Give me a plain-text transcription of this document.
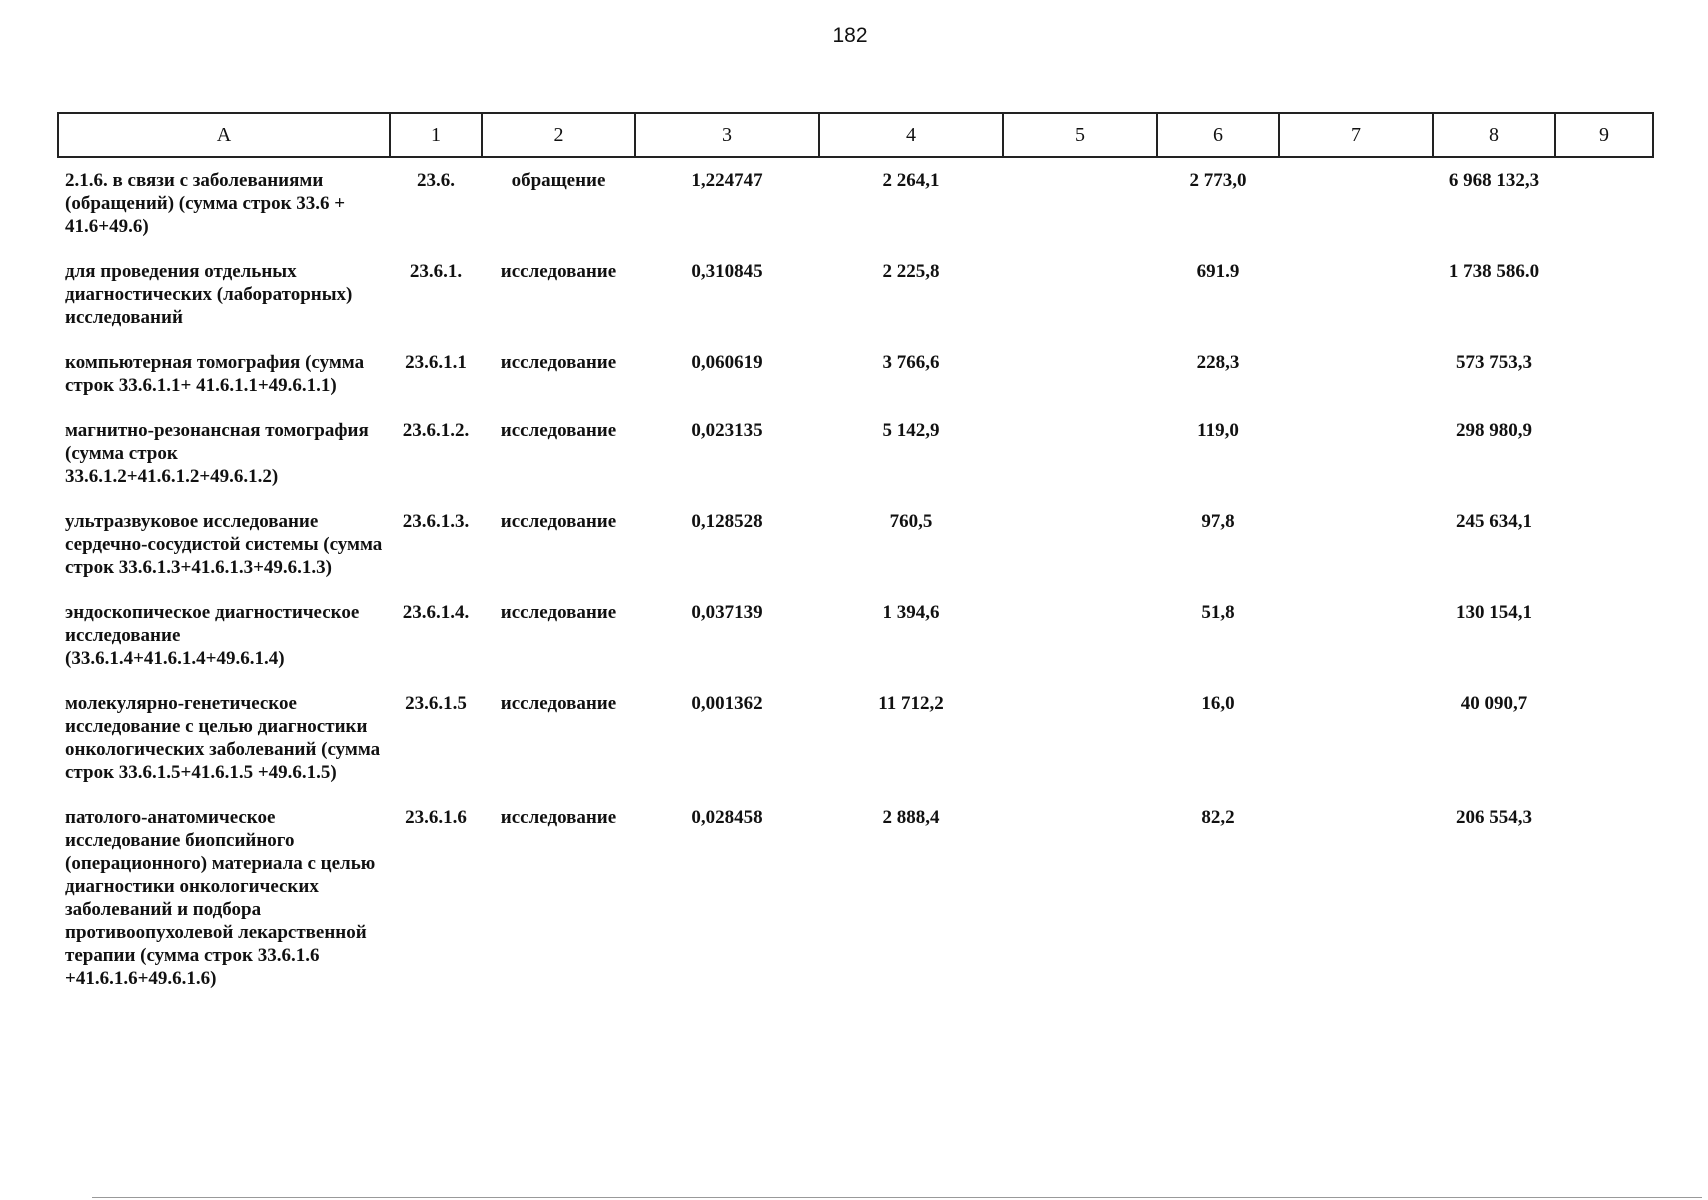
182
А	1	2	3	4	5	6	7	8	9

2.1.6. в связи с заболеваниями (обращений) (сумма строк 33.6 + 41.6+49.6)	23.6.	обращение	1,224747	2 264,1		2 773,0		6 968 132,3	
для проведения отдельных диагностических (лабораторных) исследований	23.6.1.	исследование	0,310845	2 225,8		691.9		1 738 586.0	
компьютерная томография (сумма строк 33.6.1.1+ 41.6.1.1+49.6.1.1)	23.6.1.1	исследование	0,060619	3 766,6		228,3		573 753,3	
магнитно-резонансная томография (сумма строк 33.6.1.2+41.6.1.2+49.6.1.2)	23.6.1.2.	исследование	0,023135	5 142,9		119,0		298 980,9	
ультразвуковое исследование сердечно-сосудистой системы (сумма строк 33.6.1.3+41.6.1.3+49.6.1.3)	23.6.1.3.	исследование	0,128528	760,5		97,8		245 634,1	
эндоскопическое диагностическое исследование (33.6.1.4+41.6.1.4+49.6.1.4)	23.6.1.4.	исследование	0,037139	1 394,6		51,8		130 154,1	
молекулярно-генетическое исследование с целью диагностики онкологических заболеваний (сумма строк 33.6.1.5+41.6.1.5 +49.6.1.5)	23.6.1.5	исследование	0,001362	11 712,2		16,0		40 090,7	
патолого-анатомическое исследование биопсийного (операционного) материала с целью диагностики онкологических заболеваний и подбора противоопухолевой лекарственной терапии (сумма строк 33.6.1.6 +41.6.1.6+49.6.1.6)	23.6.1.6	исследование	0,028458	2 888,4		82,2		206 554,3	
